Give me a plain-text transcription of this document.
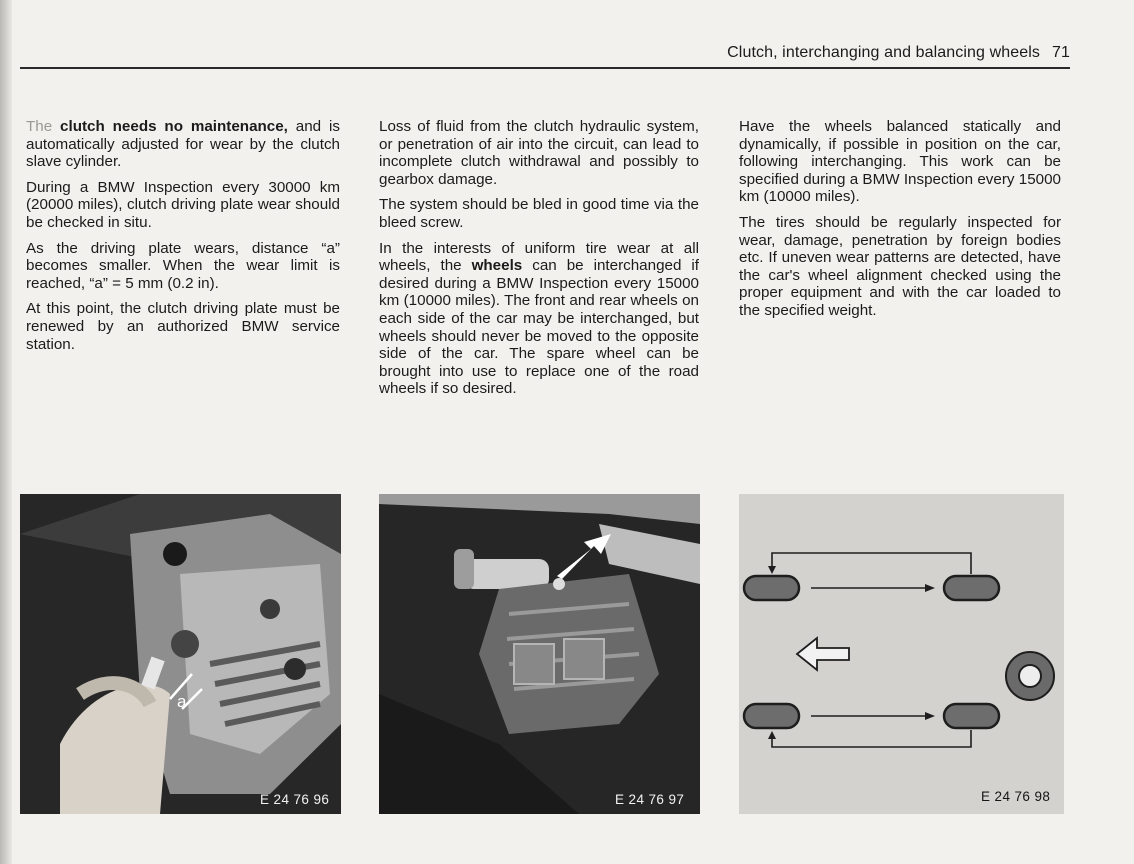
Clutch, interchanging and balancing wheels 71

The clutch needs no maintenance, and is automatically adjusted for wear by the clutch slave cylinder.

During a BMW Inspection every 30000 km (20000 miles), clutch driving plate wear should be checked in situ.

As the driving plate wears, distance “a” becomes smaller. When the wear limit is reached, “a” = 5 mm (0.2 in).

At this point, the clutch driving plate must be renewed by an authorized BMW service station.

Loss of fluid from the clutch hydraulic system, or penetration of air into the circuit, can lead to incomplete clutch withdrawal and possibly to gearbox damage.

The system should be bled in good time via the bleed screw.

In the interests of uniform tire wear at all wheels, the wheels can be interchanged if desired during a BMW Inspection every 15000 km (10000 miles). The front and rear wheels on each side of the car may be interchanged, but wheels should never be moved to the opposite side of the car. The spare wheel can be brought into use to replace one of the road wheels if so desired.

Have the wheels balanced statically and dynamically, if possible in position on the car, following interchanging. This work can be specified during a BMW Inspection every 15000 km (10000 miles).

The tires should be regularly inspected for wear, damage, penetration by foreign bodies etc. If uneven wear patterns are detected, have the car's wheel alignment checked using the proper equipment and with the car loaded to the specified weight.

a
E 24 76 96	E 24 76 97	E 24 76 98
